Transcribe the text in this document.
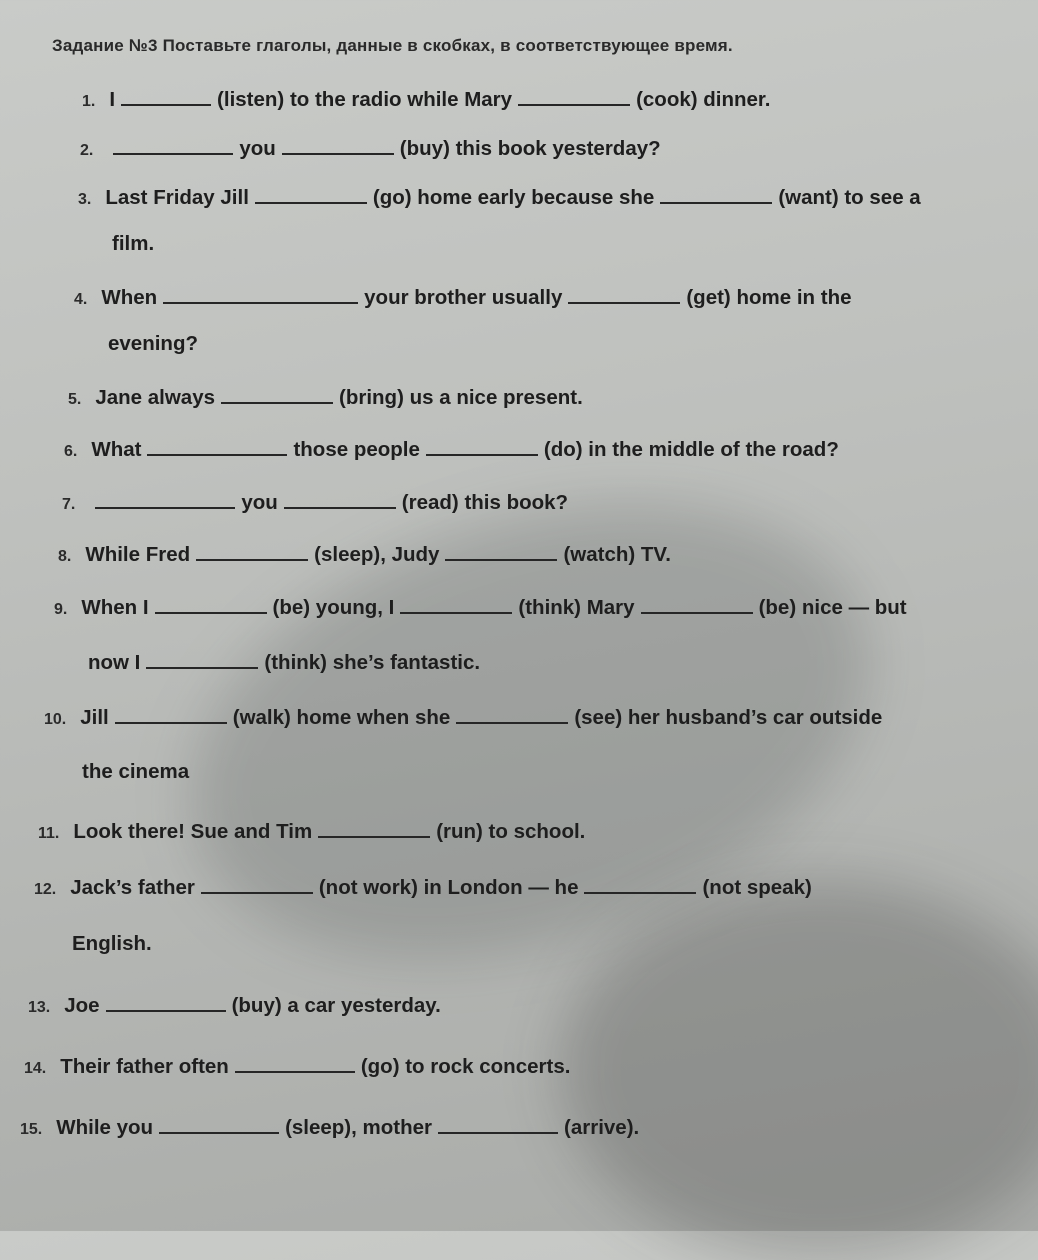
Задание №3 Поставьте глаголы, данные в скобках, в соответствующее время.
1. I	(listen) to the radio while Mary	(cook) dinner.
2.	you	(buy) this book yesterday?
3. Last Friday Jill	(go) home early because she	(want) to see a
film.
4. When	your brother usually	(get) home in the
evening?
5. Jane always	(bring) us a nice present.
6. What	those people	(do) in the middle of the road?
7.	you	(read) this book?
8. While Fred	(sleep), Judy	(watch) TV.
9. When I	(be) young, I	(think) Mary	(be) nice — but
now I	(think) she’s fantastic.
10. Jill	(walk) home when she	(see) her husband’s car outside
the cinema
11. Look there! Sue and Tim	(run) to school.
12. Jack’s father	(not work) in London — he	(not speak)
English.
13. Joe	(buy) a car yesterday.
14. Their father often	(go) to rock concerts.
15. While you	(sleep), mother	(arrive).
